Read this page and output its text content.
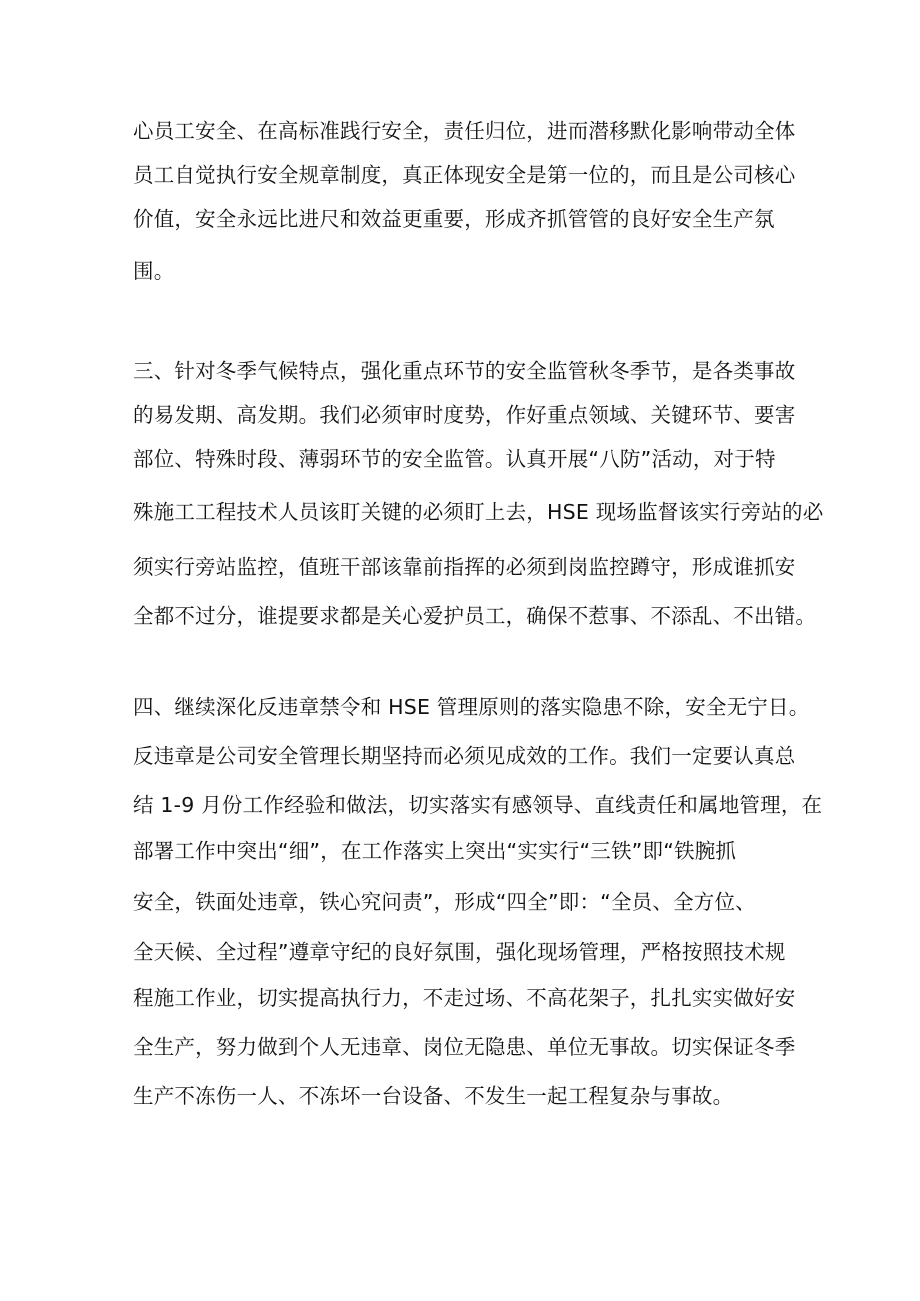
心员工安全、在高标准践行安全，责任归位，进而潜移默化影响带动全体
员工自觉执行安全规章制度，真正体现安全是第一位的，而且是公司核心
价值，安全永远比进尺和效益更重要，形成齐抓管管的良好安全生产氛
围。
三、针对冬季气候特点，强化重点环节的安全监管秋冬季节，是各类事故
的易发期、高发期。我们必须审时度势，作好重点领域、关键环节、要害
部位、特殊时段、薄弱环节的安全监管。认真开展“八防”活动，对于特
殊施工工程技术人员该盯关键的必须盯上去，HSE 现场监督该实行旁站的必
须实行旁站监控，值班干部该靠前指挥的必须到岗监控蹲守，形成谁抓安
全都不过分，谁提要求都是关心爱护员工，确保不惹事、不添乱、不出错。
四、继续深化反违章禁令和 HSE 管理原则的落实隐患不除，安全无宁日。
反违章是公司安全管理长期坚持而必须见成效的工作。我们一定要认真总
结 1-9 月份工作经验和做法，切实落实有感领导、直线责任和属地管理，在
部署工作中突出“细”，在工作落实上突出“实实行“三铁”即“铁腕抓
安全，铁面处违章，铁心究问责”，形成“四全”即：“全员、全方位、
全天候、全过程”遵章守纪的良好氛围，强化现场管理，严格按照技术规
程施工作业，切实提高执行力，不走过场、不高花架子，扎扎实实做好安
全生产，努力做到个人无违章、岗位无隐患、单位无事故。切实保证冬季
生产不冻伤一人、不冻坏一台设备、不发生一起工程复杂与事故。
